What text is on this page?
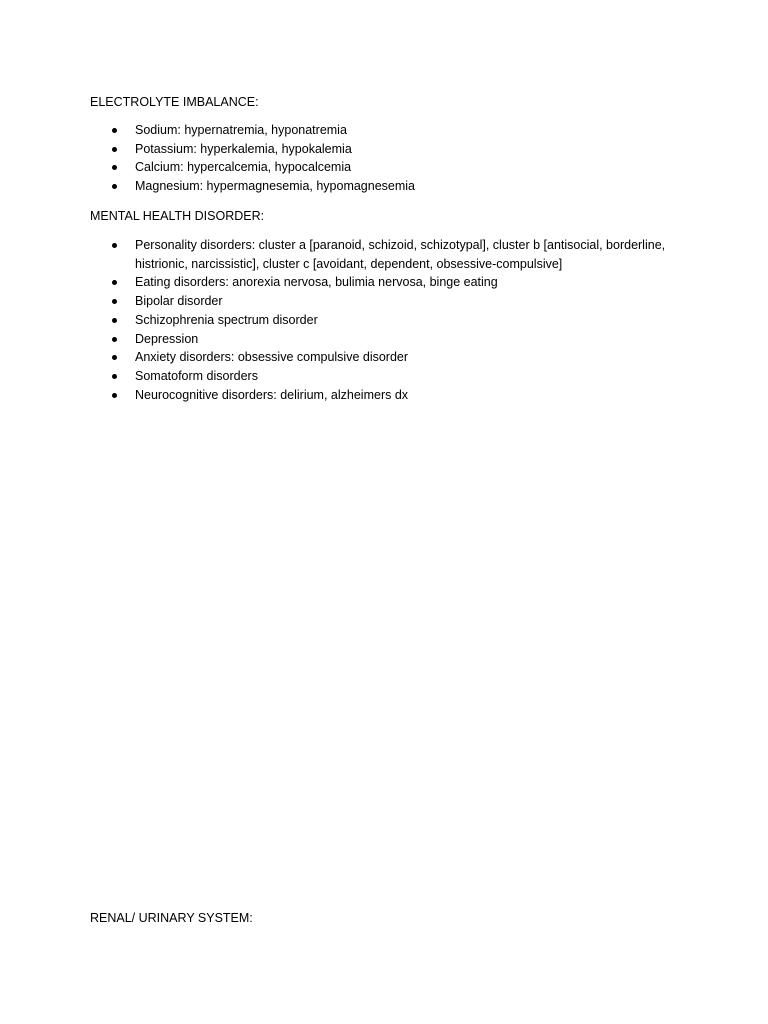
ELECTROLYTE IMBALANCE:

Sodium: hypernatremia, hyponatremia
Potassium: hyperkalemia, hypokalemia
Calcium: hypercalcemia, hypocalcemia
Magnesium: hypermagnesemia, hypomagnesemia

MENTAL HEALTH DISORDER:

Personality disorders: cluster a [paranoid, schizoid, schizotypal], cluster b [antisocial, borderline, histrionic, narcissistic], cluster c [avoidant, dependent, obsessive-compulsive]
Eating disorders: anorexia nervosa, bulimia nervosa, binge eating
Bipolar disorder
Schizophrenia spectrum disorder
Depression
Anxiety disorders: obsessive compulsive disorder
Somatoform disorders
Neurocognitive disorders: delirium, alzheimers dx

RENAL/ URINARY SYSTEM:
